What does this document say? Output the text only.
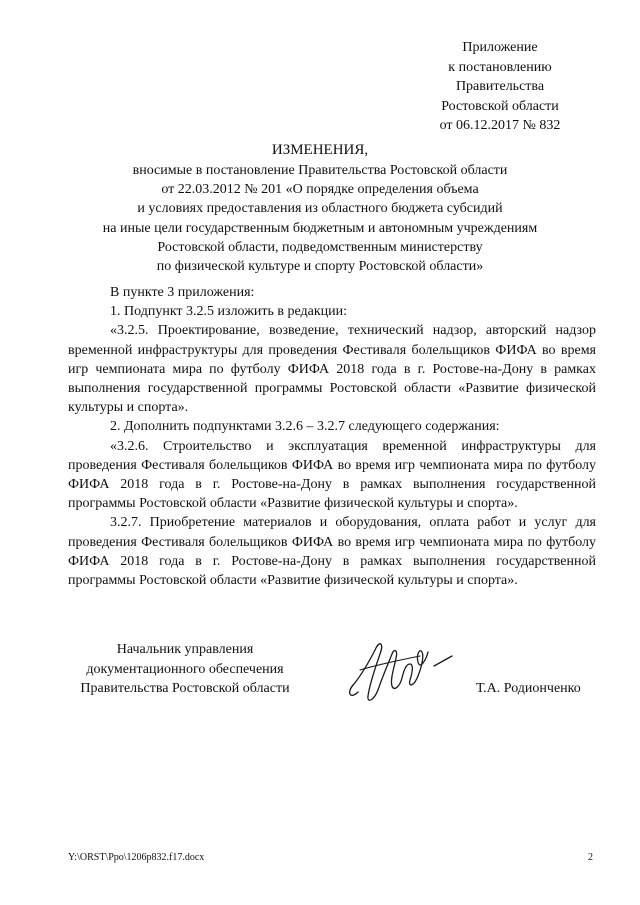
Приложение
к постановлению
Правительства
Ростовской области
от 06.12.2017 № 832
ИЗМЕНЕНИЯ,
вносимые в постановление Правительства Ростовской области
от 22.03.2012 № 201 «О порядке определения объема
и условиях предоставления из областного бюджета субсидий
на иные цели государственным бюджетным и автономным учреждениям
Ростовской области, подведомственным министерству
по физической культуре и спорту Ростовской области»

В пункте 3 приложения:

1. Подпункт 3.2.5 изложить в редакции:

«3.2.5. Проектирование, возведение, технический надзор, авторский надзор временной инфраструктуры для проведения Фестиваля болельщиков ФИФА во время игр чемпионата мира по футболу ФИФА 2018 года в г. Ростове-на-Дону в рамках выполнения государственной программы Ростовской области «Развитие физической культуры и спорта».

2. Дополнить подпунктами 3.2.6 – 3.2.7 следующего содержания:

«3.2.6. Строительство и эксплуатация временной инфраструктуры для проведения Фестиваля болельщиков ФИФА во время игр чемпионата мира по футболу ФИФА 2018 года в г. Ростове-на-Дону в рамках выполнения государственной программы Ростовской области «Развитие физической культуры и спорта».

3.2.7. Приобретение материалов и оборудования, оплата работ и услуг для проведения Фестиваля болельщиков ФИФА во время игр чемпионата мира по футболу ФИФА 2018 года в г. Ростове-на-Дону в рамках выполнения государственной программы Ростовской области «Развитие физической культуры и спорта».

Начальник управления
документационного обеспечения
Правительства Ростовской области	Т.А. Родионченко
Y:\ORST\Ppo\1206p832.f17.docx	2
